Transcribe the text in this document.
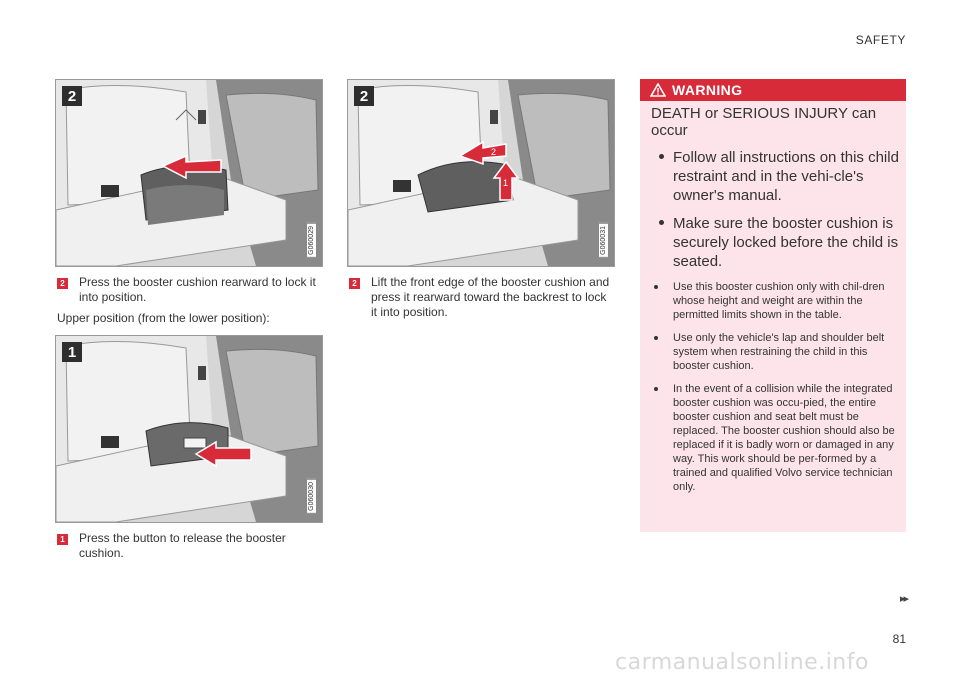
SAFETY
2
G060029
2 Press the booster cushion rearward to lock it into position.
Upper position (from the lower position):
1
G060030
1 Press the button to release the booster cushion.
2
1
2
G060031
2 Lift the front edge of the booster cushion and press it rearward toward the backrest to lock it into position.
WARNING
DEATH or SERIOUS INJURY can occur
Follow all instructions on this child restraint and in the vehi-cle's owner's manual.
Make sure the booster cushion is securely locked before the child is seated.
Use this booster cushion only with chil-dren whose height and weight are within the permitted limits shown in the table.
Use only the vehicle's lap and shoulder belt system when restraining the child in this booster cushion.
In the event of a collision while the integrated booster cushion was occu-pied, the entire booster cushion and seat belt must be replaced. The booster cushion should also be replaced if it is badly worn or damaged in any way. This work should be per-formed by a trained and qualified Volvo service technician only.
▸▸
81
carmanualsonline.info
